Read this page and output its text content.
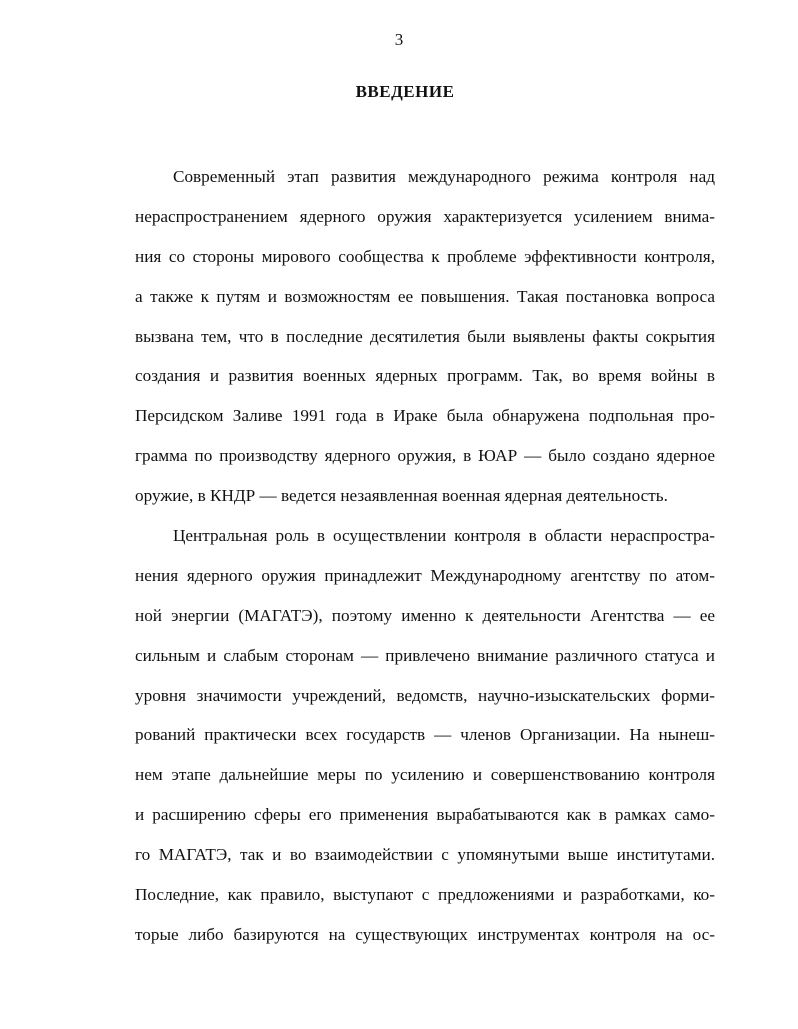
3
ВВЕДЕНИЕ
Современный этап развития международного режима контроля над
нераспространением ядерного оружия характеризуется усилением внима-
ния со стороны мирового сообщества к проблеме эффективности контроля,
а также к путям и возможностям ее повышения. Такая постановка вопроса
вызвана тем, что в последние десятилетия были выявлены факты сокрытия
создания и развития военных ядерных программ. Так, во время войны в
Персидском Заливе 1991 года в Ираке была обнаружена подпольная про-
грамма по производству ядерного оружия, в ЮАР — было создано ядерное
оружие, в КНДР — ведется незаявленная военная ядерная деятельность.
Центральная роль в осуществлении контроля в области нераспростра-
нения ядерного оружия принадлежит Международному агентству по атом-
ной энергии (МАГАТЭ), поэтому именно к деятельности Агентства — ее
сильным и слабым сторонам — привлечено внимание различного статуса и
уровня значимости учреждений, ведомств, научно-изыскательских форми-
рований практически всех государств — членов Организации. На нынеш-
нем этапе дальнейшие меры по усилению и совершенствованию контроля
и расширению сферы его применения вырабатываются как в рамках само-
го МАГАТЭ, так и во взаимодействии с упомянутыми выше институтами.
Последние, как правило, выступают с предложениями и разработками, ко-
торые либо базируются на существующих инструментах контроля на ос-
